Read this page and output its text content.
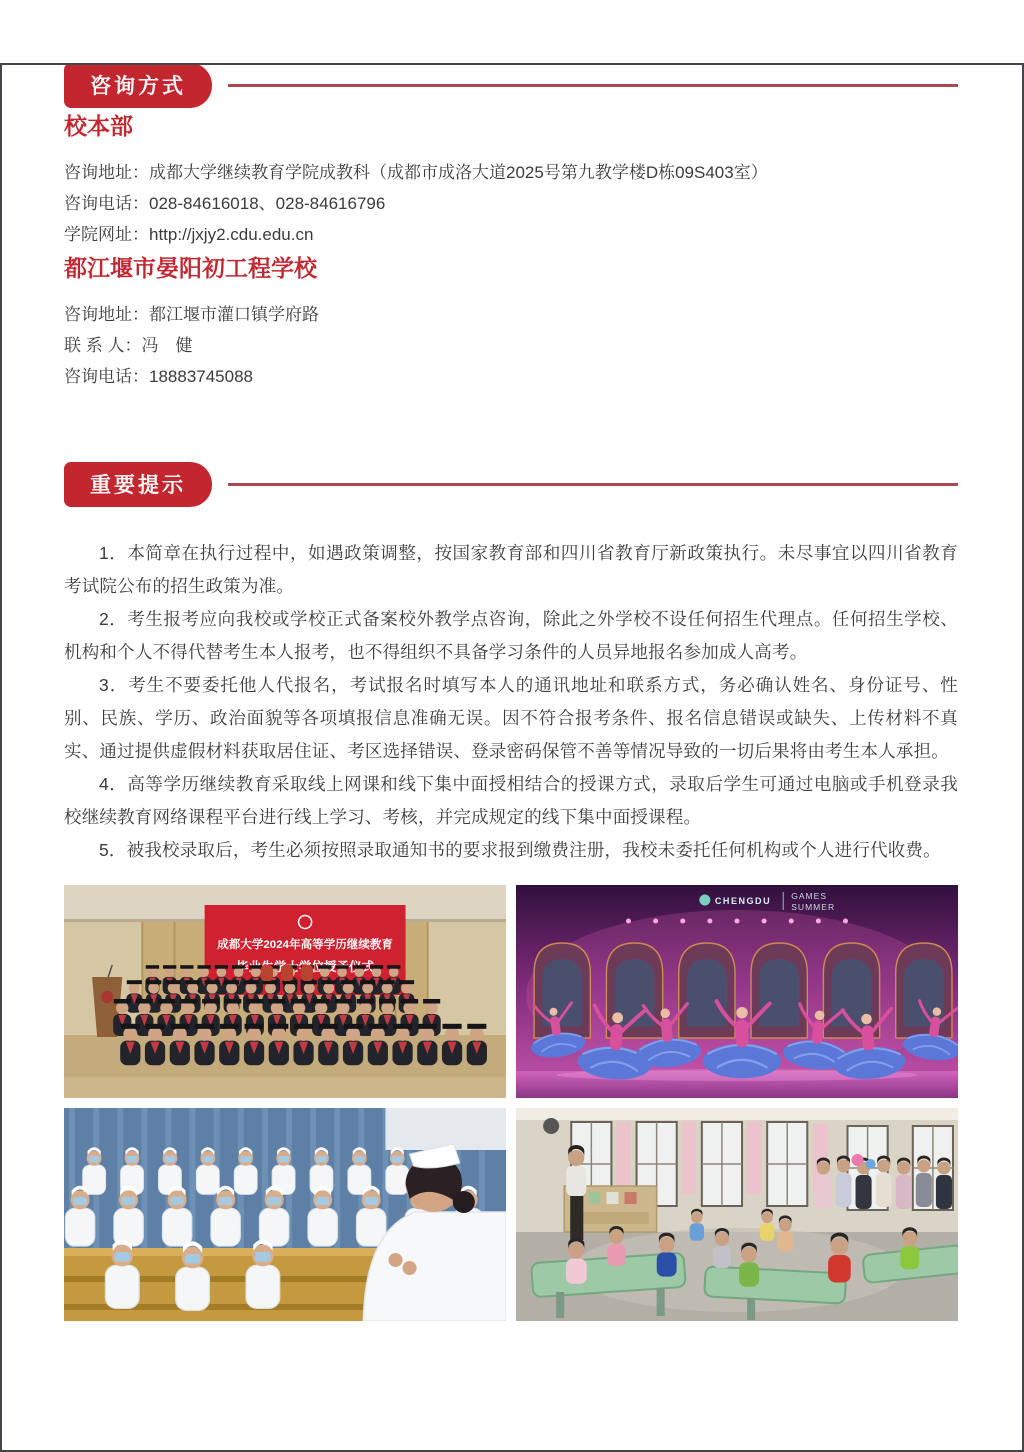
咨询方式
校本部
咨询地址： 成都大学继续教育学院成教科（成都市成洛大道2025号第九教学楼D栋09S403室）
咨询电话： 028-84616018、028-84616796
学院网址： http://jxjy2.cdu.edu.cn
都江堰市晏阳初工程学校
咨询地址： 都江堰市灌口镇学府路
联 系 人： 冯　健
咨询电话： 18883745088
重要提示

1．本简章在执行过程中，如遇政策调整，按国家教育部和四川省教育厅新政策执行。未尽事宜以四川省教育考试院公布的招生政策为准。

2．考生报考应向我校或学校正式备案校外教学点咨询，除此之外学校不设任何招生代理点。任何招生学校、机构和个人不得代替考生本人报考，也不得组织不具备学习条件的人员异地报名参加成人高考。

3．考生不要委托他人代报名，考试报名时填写本人的通讯地址和联系方式，务必确认姓名、身份证号、性别、民族、学历、政治面貌等各项填报信息准确无误。因不符合报考条件、报名信息错误或缺失、上传材料不真实、通过提供虚假材料获取居住证、考区选择错误、登录密码保管不善等情况导致的一切后果将由考生本人承担。

4．高等学历继续教育采取线上网课和线下集中面授相结合的授课方式，录取后学生可通过电脑或手机登录我校继续教育网络课程平台进行线上学习、考核，并完成规定的线下集中面授课程。

5．被我校录取后，考生必须按照录取通知书的要求报到缴费注册，我校未委托任何机构或个人进行代收费。

成都大学2024年高等学历继续教育
CHENGDU
GAMES
SUMMER
